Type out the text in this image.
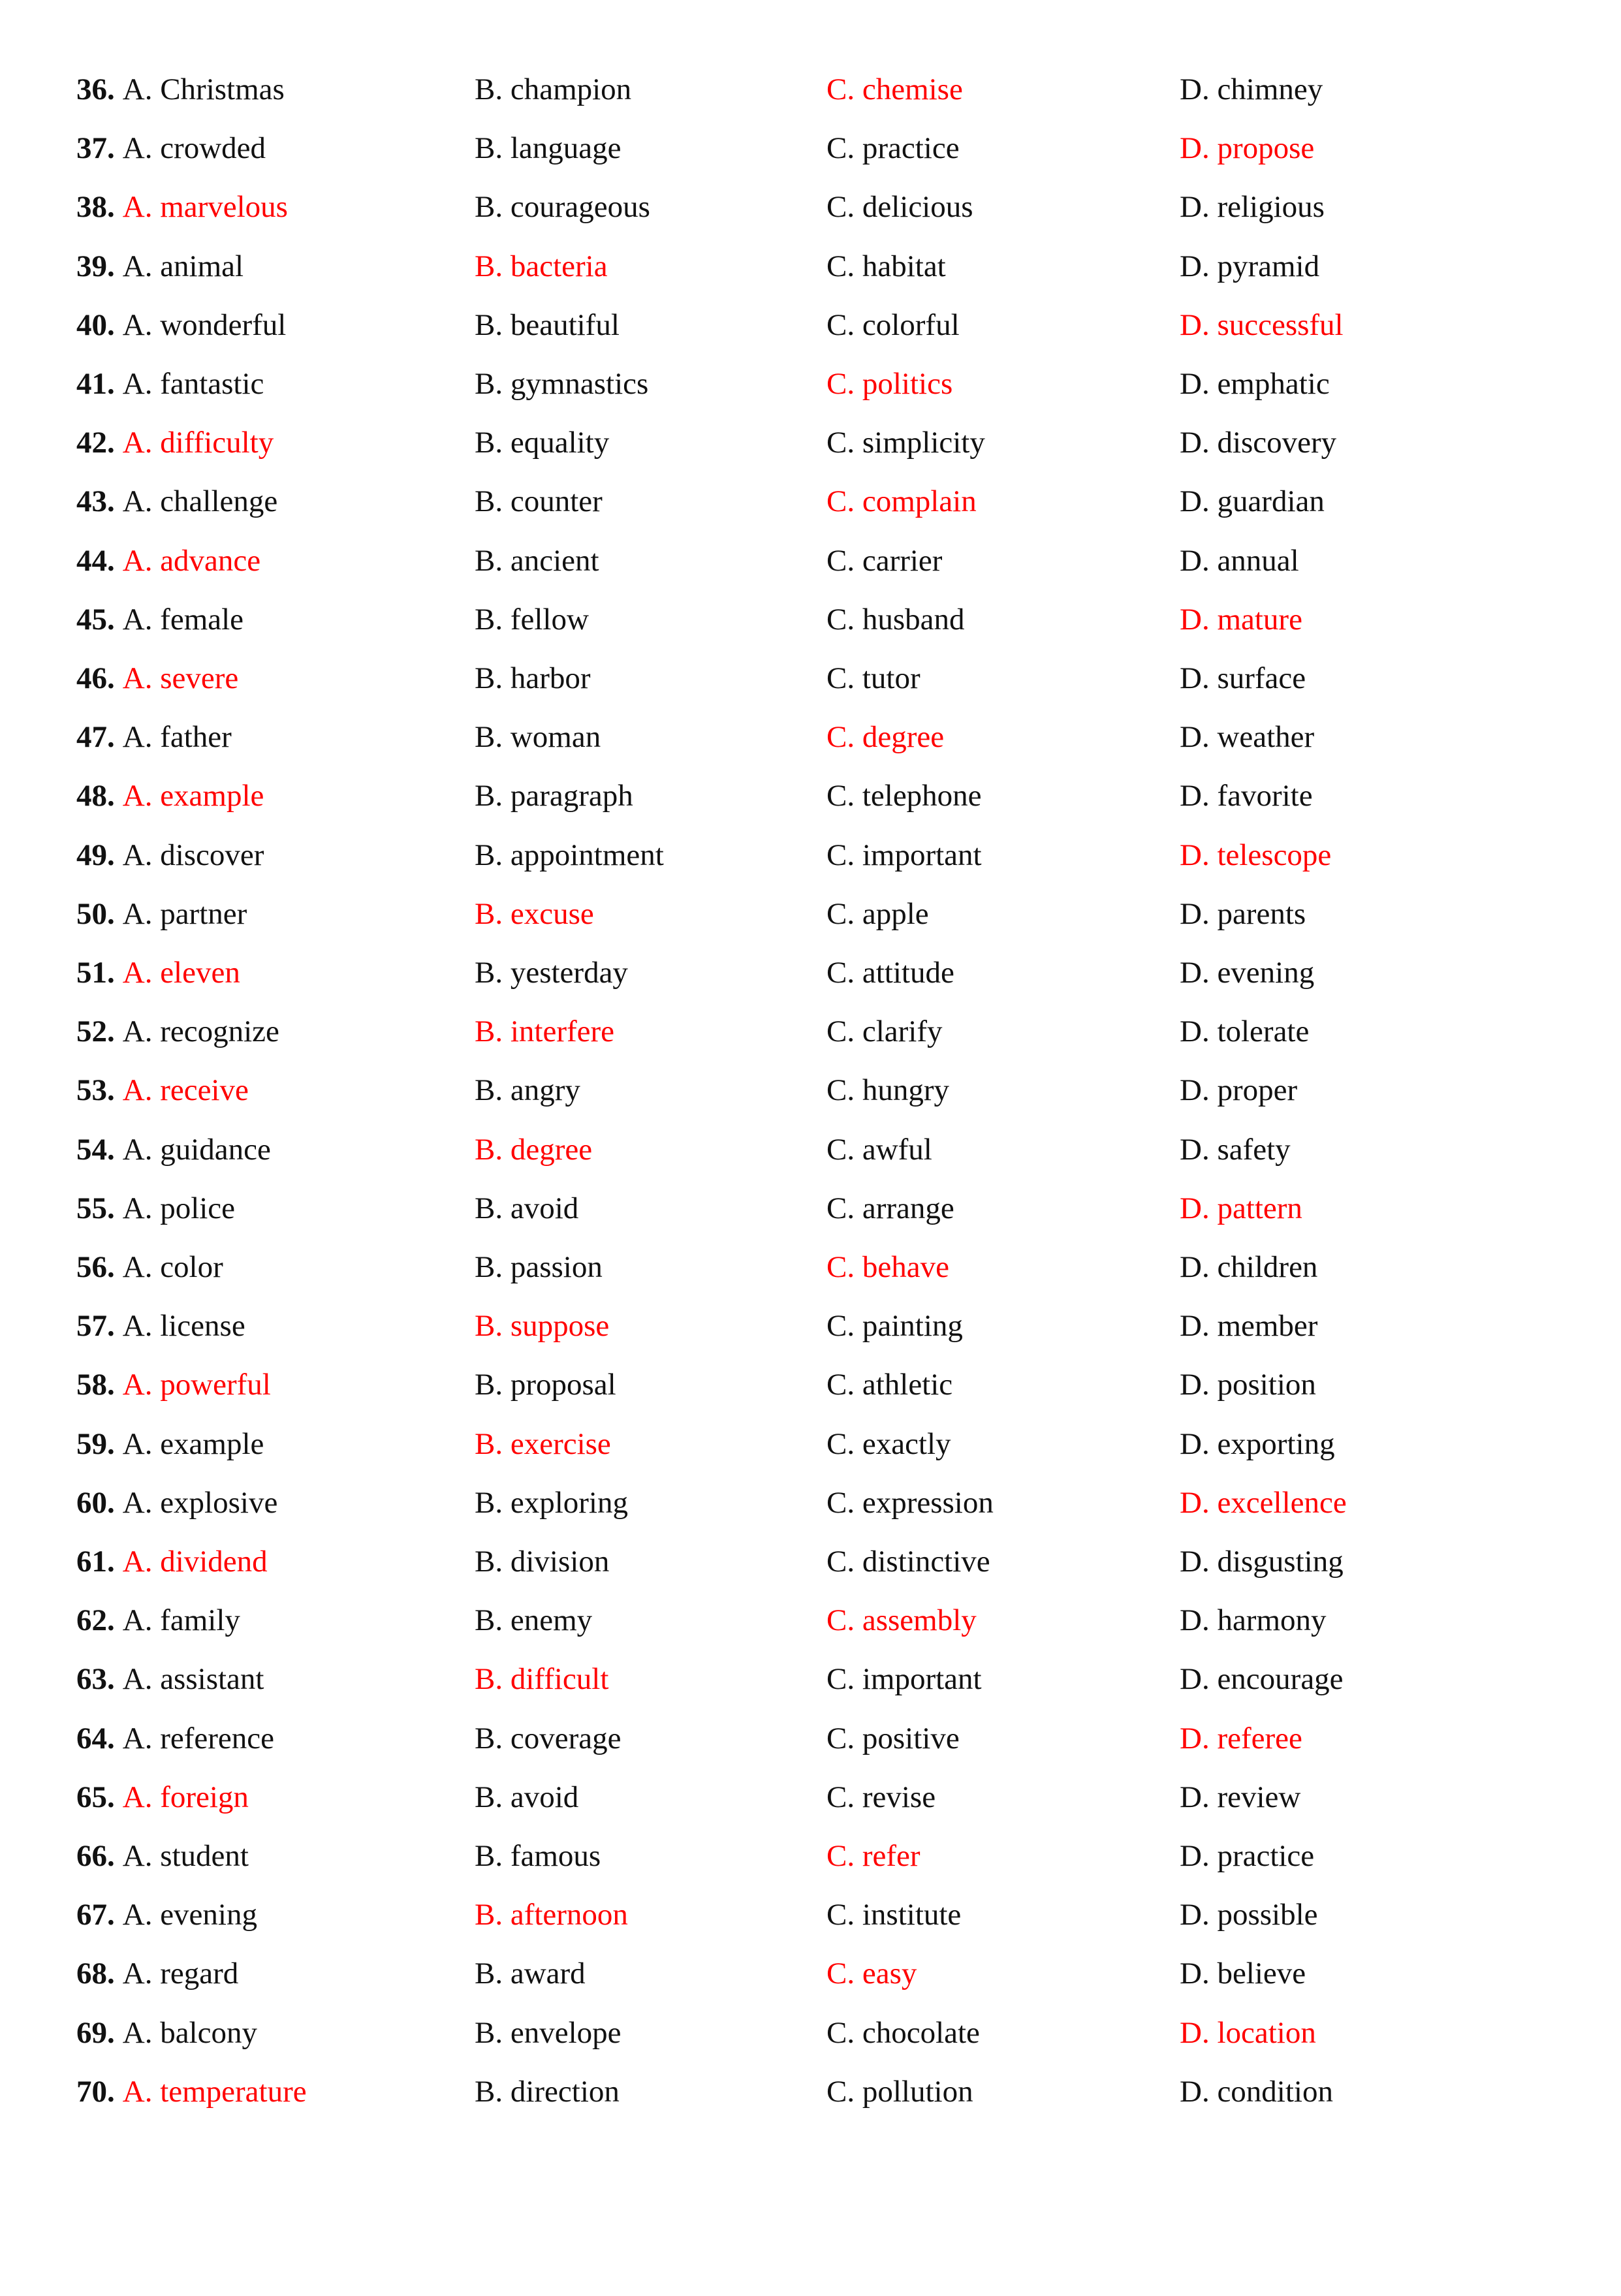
36. A. Christmas	B. champion	C. chemise	D. chimney
37. A. crowded	B. language	C. practice	D. propose
38. A. marvelous	B. courageous	C. delicious	D. religious
39. A. animal	B. bacteria	C. habitat	D. pyramid
40. A. wonderful	B. beautiful	C. colorful	D. successful
41. A. fantastic	B. gymnastics	C. politics	D. emphatic
42. A. difficulty	B. equality	C. simplicity	D. discovery
43. A. challenge	B. counter	C. complain	D. guardian
44. A. advance	B. ancient	C. carrier	D. annual
45. A. female	B. fellow	C. husband	D. mature
46. A. severe	B. harbor	C. tutor	D. surface
47. A. father	B. woman	C. degree	D. weather
48. A. example	B. paragraph	C. telephone	D. favorite
49. A. discover	B. appointment	C. important	D. telescope
50. A. partner	B. excuse	C. apple	D. parents
51. A. eleven	B. yesterday	C. attitude	D. evening
52. A. recognize	B. interfere	C. clarify	D. tolerate
53. A. receive	B. angry	C. hungry	D. proper
54. A. guidance	B. degree	C. awful	D. safety
55. A. police	B. avoid	C. arrange	D. pattern
56. A. color	B. passion	C. behave	D. children
57. A. license	B. suppose	C. painting	D. member
58. A. powerful	B. proposal	C. athletic	D. position
59. A. example	B. exercise	C. exactly	D. exporting
60. A. explosive	B. exploring	C. expression	D. excellence
61. A. dividend	B. division	C. distinctive	D. disgusting
62. A. family	B. enemy	C. assembly	D. harmony
63. A. assistant	B. difficult	C. important	D. encourage
64. A. reference	B. coverage	C. positive	D. referee
65. A. foreign	B. avoid	C. revise	D. review
66. A. student	B. famous	C. refer	D. practice
67. A. evening	B. afternoon	C. institute	D. possible
68. A. regard	B. award	C. easy	D. believe
69. A. balcony	B. envelope	C. chocolate	D. location
70. A. temperature	B. direction	C. pollution	D. condition
